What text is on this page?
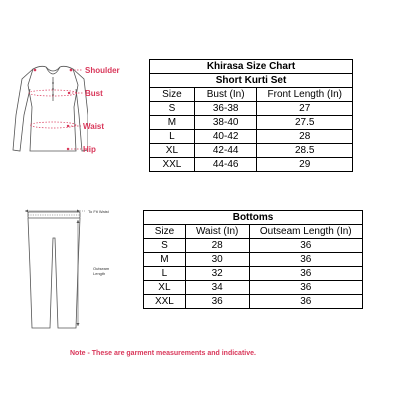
Shoulder
Bust
Waist
Hip
Khirasa Size Chart		
Short Kurti Set		
Size	Bust (In)	Front Length (In)
S	36-38	27
M	38-40	27.5
L	40-42	28
XL	42-44	28.5
XXL	44-46	29
To Fit Waist
Outseam Length
Bottoms		
Size	Waist (In)	Outseam Length (In)
S	28	36
M	30	36
L	32	36
XL	34	36
XXL	36	36
Note - These are garment measurements and indicative.
